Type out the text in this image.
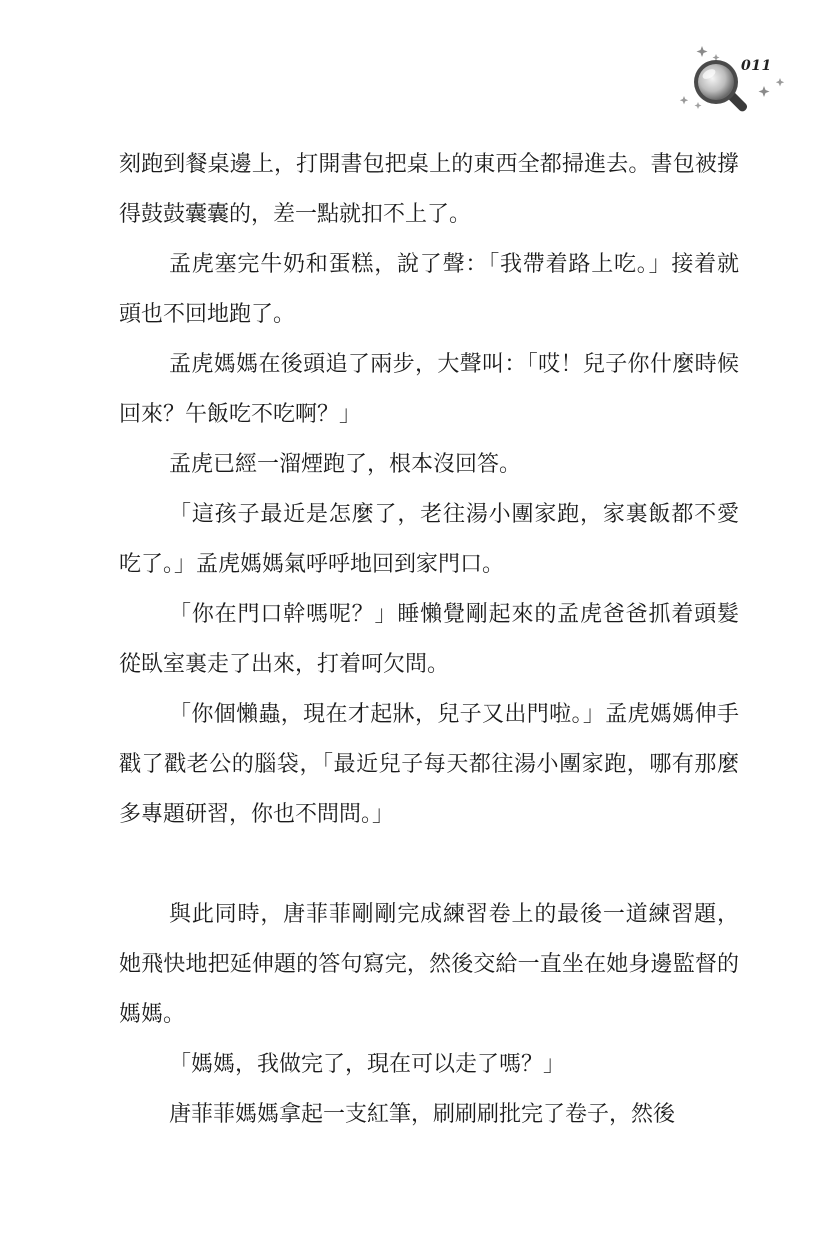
011

刻跑到餐桌邊上，打開書包把桌上的東西全都掃進去。書包被撐得鼓鼓囊囊的，差一點就扣不上了。

孟虎塞完牛奶和蛋糕，說了聲：「我帶着路上吃。」接着就頭也不回地跑了。

孟虎媽媽在後頭追了兩步，大聲叫：「哎！兒子你什麼時候回來？午飯吃不吃啊？」

孟虎已經一溜煙跑了，根本沒回答。

「這孩子最近是怎麼了，老往湯小團家跑，家裏飯都不愛吃了。」孟虎媽媽氣呼呼地回到家門口。

「你在門口幹嗎呢？」睡懶覺剛起來的孟虎爸爸抓着頭髮從臥室裏走了出來，打着呵欠問。

「你個懶蟲，現在才起牀，兒子又出門啦。」孟虎媽媽伸手戳了戳老公的腦袋，「最近兒子每天都往湯小團家跑，哪有那麼多專題研習，你也不問問。」

與此同時，唐菲菲剛剛完成練習卷上的最後一道練習題，她飛快地把延伸題的答句寫完，然後交給一直坐在她身邊監督的媽媽。

「媽媽，我做完了，現在可以走了嗎？」

唐菲菲媽媽拿起一支紅筆，刷刷刷批完了卷子，然後
